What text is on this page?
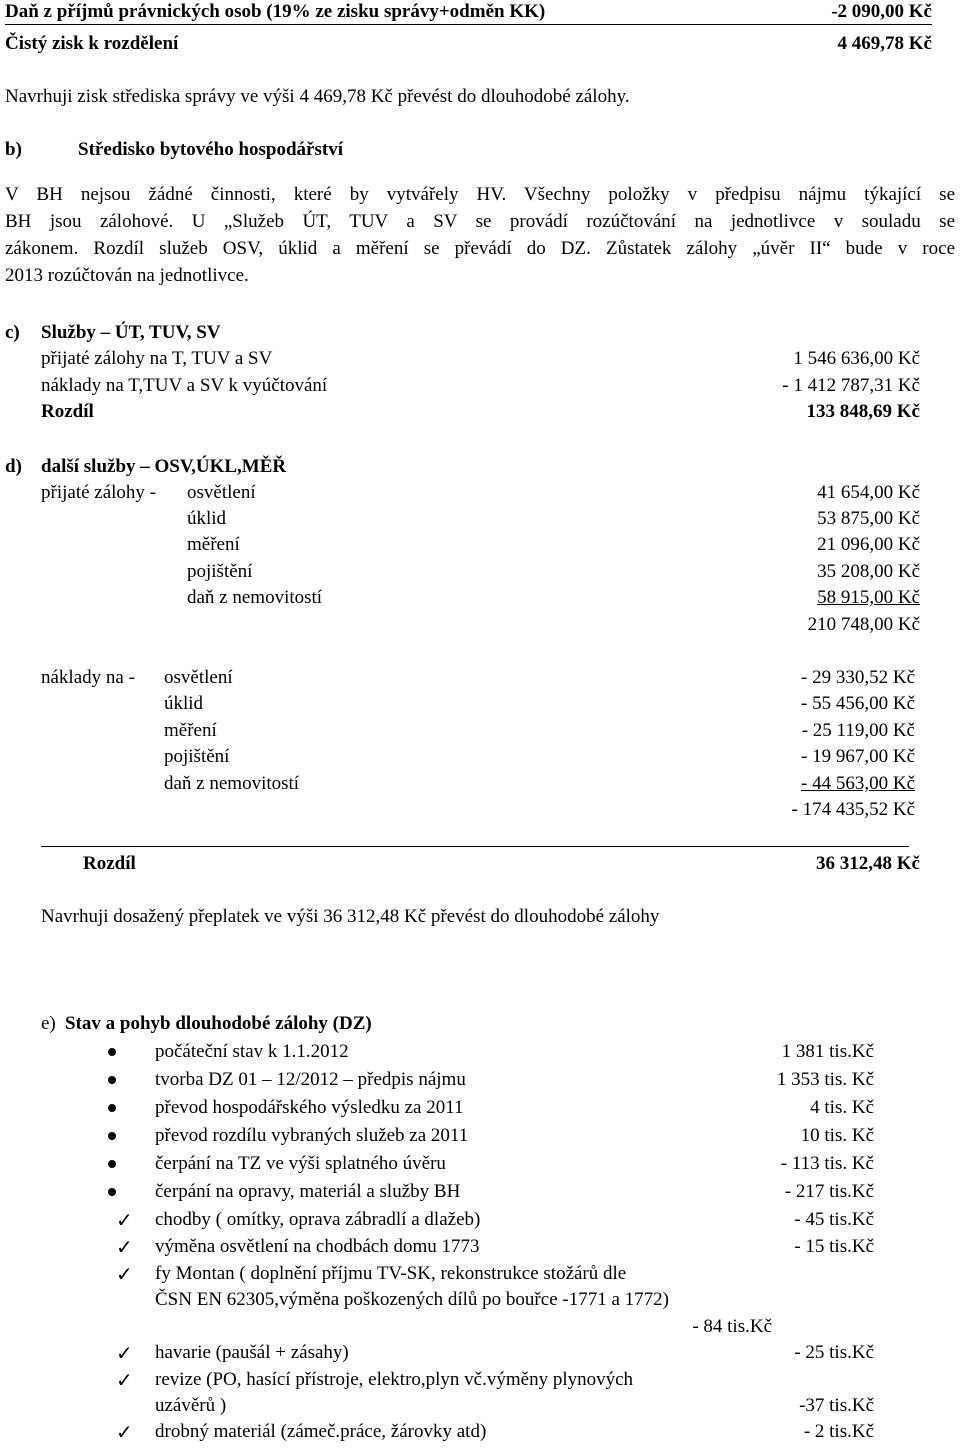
Daň z příjmů právnických osob (19% ze zisku správy+odměn KK)	-2 090,00 Kč
Čistý zisk k rozdělení	4 469,78 Kč
Navrhuji zisk střediska správy ve výši 4 469,78 Kč převést do dlouhodobé zálohy.
b)	Středisko bytového hospodářství
V BH nejsou žádné činnosti, které by vytvářely HV. Všechny položky v předpisu nájmu týkající se
BH jsou zálohové. U „Služeb ÚT, TUV a SV se provádí rozúčtování na jednotlivce v souladu se
zákonem. Rozdíl služeb OSV, úklid a měření se převádí do DZ. Zůstatek zálohy „úvěr II“ bude v roce
2013 rozúčtován na jednotlivce.
c) Služby – ÚT, TUV, SV
přijaté zálohy na T, TUV a SV	1 546 636,00 Kč
náklady na T,TUV a SV k vyúčtování	- 1 412 787,31 Kč
Rozdíl	133 848,69 Kč
d) další služby – OSV,ÚKL,MĚŘ
přijaté zálohy - osvětlení	41 654,00 Kč
úklid	53 875,00 Kč
měření	21 096,00 Kč
pojištění	35 208,00 Kč
daň z nemovitostí	58 915,00 Kč
210 748,00 Kč
náklady na - osvětlení	- 29 330,52 Kč
úklid	- 55 456,00 Kč
měření	- 25 119,00 Kč
pojištění	- 19 967,00 Kč
daň z nemovitostí	- 44 563,00 Kč
- 174 435,52 Kč
Rozdíl	36 312,48 Kč
Navrhuji dosažený přeplatek ve výši 36 312,48 Kč převést do dlouhodobé zálohy
e) Stav a pohyb dlouhodobé zálohy (DZ)
počáteční stav k 1.1.2012	1 381 tis.Kč
tvorba DZ 01 – 12/2012 – předpis nájmu	1 353 tis. Kč
převod hospodářského výsledku za 2011	4 tis. Kč
převod rozdílu vybraných služeb za 2011	10 tis. Kč
čerpání na TZ ve výši splatného úvěru	- 113 tis. Kč
čerpání na opravy, materiál a služby BH	- 217 tis.Kč
✓ chodby ( omítky, oprava zábradlí a dlažeb)	- 45 tis.Kč
✓ výměna osvětlení na chodbách domu 1773	- 15 tis.Kč
✓ fy Montan ( doplnění příjmu TV-SK, rekonstrukce stožárů dle
ČSN EN 62305,výměna poškozených dílů po bouřce -1771 a 1772)
- 84 tis.Kč
✓ havarie (paušál + zásahy)	- 25 tis.Kč
✓ revize (PO, hasící přístroje, elektro,plyn vč.výměny plynových
uzávěrů )	-37 tis.Kč
✓ drobný materiál (zámeč.práce, žárovky atd)	- 2 tis.Kč
